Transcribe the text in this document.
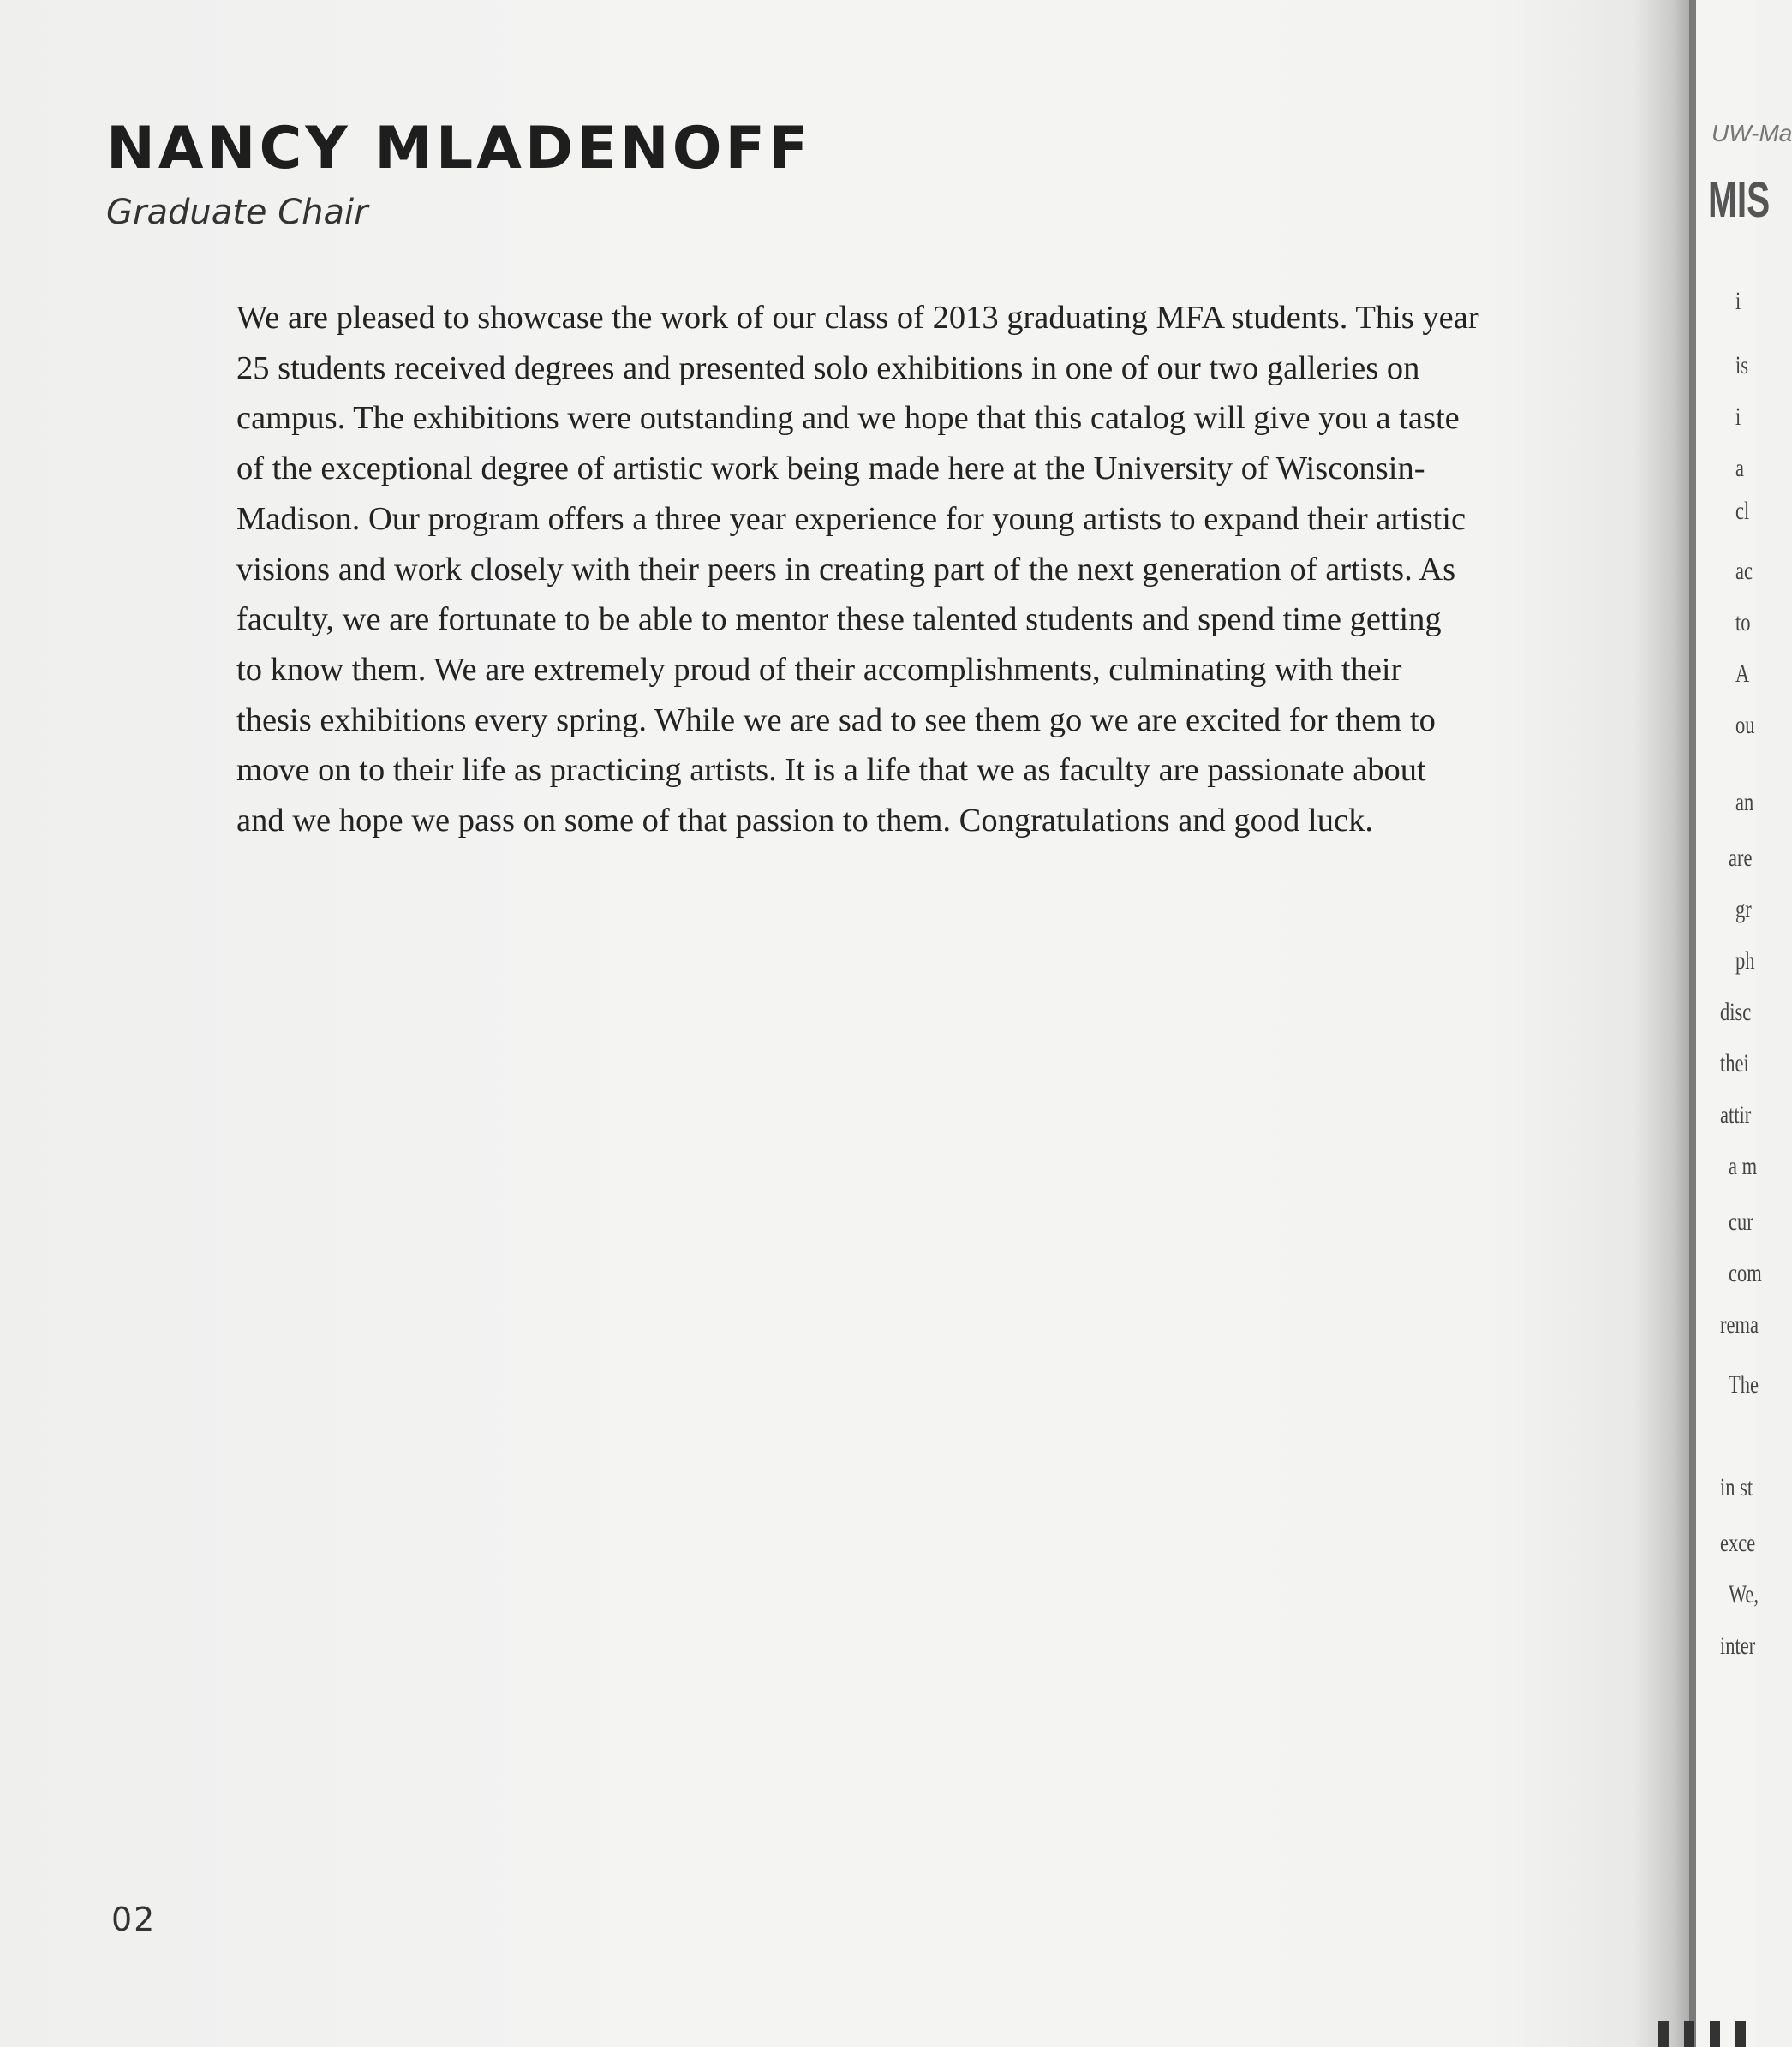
NANCY MLADENOFF
Graduate Chair
We are pleased to showcase the work of our class of 2013 graduating MFA students. This year
25 students received degrees and presented solo exhibitions in one of our two galleries on
campus. The exhibitions were outstanding and we hope that this catalog will give you a taste
of the exceptional degree of artistic work being made here at the University of Wisconsin-
Madison. Our program offers a three year experience for young artists to expand their artistic
visions and work closely with their peers in creating part of the next generation of artists. As
faculty, we are fortunate to be able to mentor these talented students and spend time getting
to know them. We are extremely proud of their accomplishments, culminating with their
thesis exhibitions every spring. While we are sad to see them go we are excited for them to
move on to their life as practicing artists. It is a life that we as faculty are passionate about
and we hope we pass on some of that passion to them. Congratulations and good luck.
02
UW-Ma
MIS
i
is
i
a
cl
ac
to
A
ou
an
are
gr
ph
disc
thei
attir
a m
cur
com
rema
The
in st
exce
We,
inter
